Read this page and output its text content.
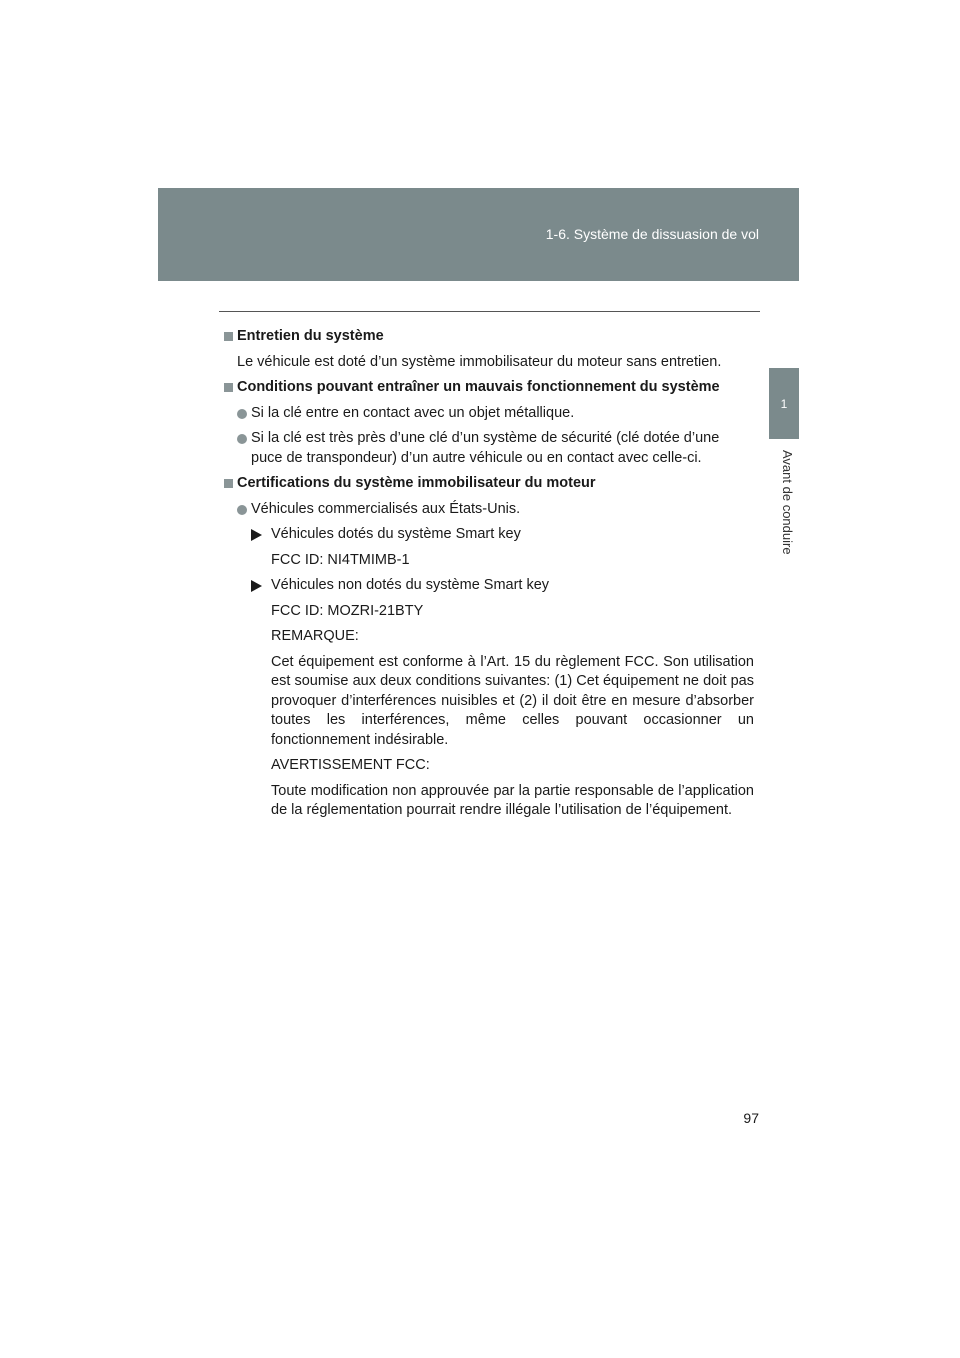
1-6. Système de dissuasion de vol
1
Avant de conduire
Entretien du système
Le véhicule est doté d’un système immobilisateur du moteur sans entretien.
Conditions pouvant entraîner un mauvais fonctionnement du système
Si la clé entre en contact avec un objet métallique.
Si la clé est très près d’une clé d’un système de sécurité (clé dotée d’une puce de transpondeur) d’un autre véhicule ou en contact avec celle-ci.
Certifications du système immobilisateur du moteur
Véhicules commercialisés aux États-Unis.
Véhicules dotés du système Smart key
FCC ID: NI4TMIMB-1
Véhicules non dotés du système Smart key
FCC ID: MOZRI-21BTY
REMARQUE:
Cet équipement est conforme à l’Art. 15 du règlement FCC. Son utilisation est soumise aux deux conditions suivantes: (1) Cet équipement ne doit pas provoquer d’interférences nuisibles et (2) il doit être en mesure d’absorber toutes les interférences, même celles pouvant occasionner un fonctionnement indésirable.
AVERTISSEMENT FCC:
Toute modification non approuvée par la partie responsable de l’application de la réglementation pourrait rendre illégale l’utilisation de l’équipement.
97
